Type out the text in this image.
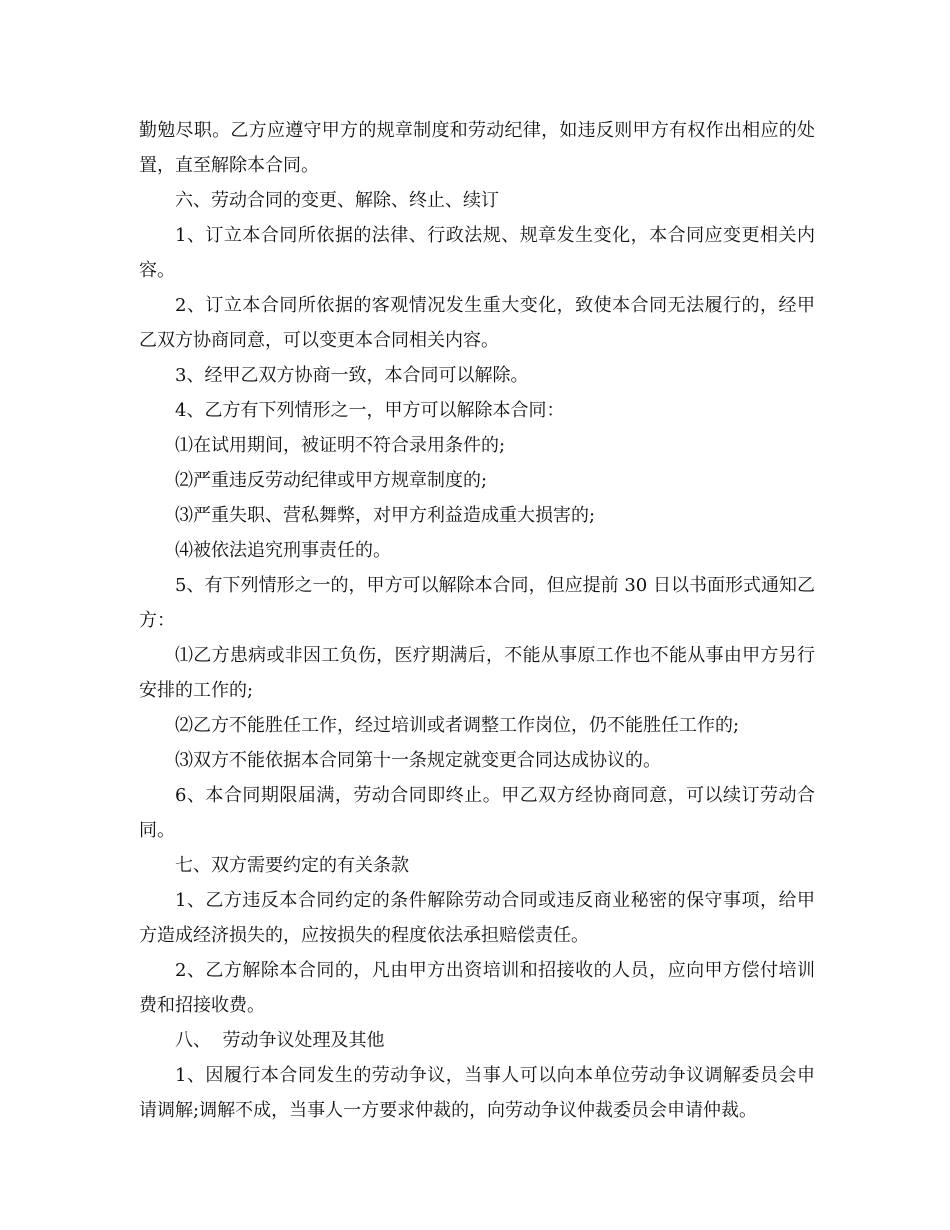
勤勉尽职。乙方应遵守甲方的规章制度和劳动纪律，如违反则甲方有权作出相应的处置，直至解除本合同。

六、劳动合同的变更、解除、终止、续订

1、订立本合同所依据的法律、行政法规、规章发生变化，本合同应变更相关内容。

2、订立本合同所依据的客观情况发生重大变化，致使本合同无法履行的，经甲乙双方协商同意，可以变更本合同相关内容。

3、经甲乙双方协商一致，本合同可以解除。

4、乙方有下列情形之一，甲方可以解除本合同：

⑴在试用期间，被证明不符合录用条件的;

⑵严重违反劳动纪律或甲方规章制度的;

⑶严重失职、营私舞弊，对甲方利益造成重大损害的;

⑷被依法追究刑事责任的。

5、有下列情形之一的，甲方可以解除本合同，但应提前 30 日以书面形式通知乙方：

⑴乙方患病或非因工负伤，医疗期满后，不能从事原工作也不能从事由甲方另行安排的工作的;

⑵乙方不能胜任工作，经过培训或者调整工作岗位，仍不能胜任工作的;

⑶双方不能依据本合同第十一条规定就变更合同达成协议的。

6、本合同期限届满，劳动合同即终止。甲乙双方经协商同意，可以续订劳动合同。

七、双方需要约定的有关条款

1、乙方违反本合同约定的条件解除劳动合同或违反商业秘密的保守事项，给甲方造成经济损失的，应按损失的程度依法承担赔偿责任。

2、乙方解除本合同的，凡由甲方出资培训和招接收的人员，应向甲方偿付培训费和招接收费。

八、  劳动争议处理及其他

1、因履行本合同发生的劳动争议，当事人可以向本单位劳动争议调解委员会申请调解;调解不成，当事人一方要求仲裁的，向劳动争议仲裁委员会申请仲裁。
